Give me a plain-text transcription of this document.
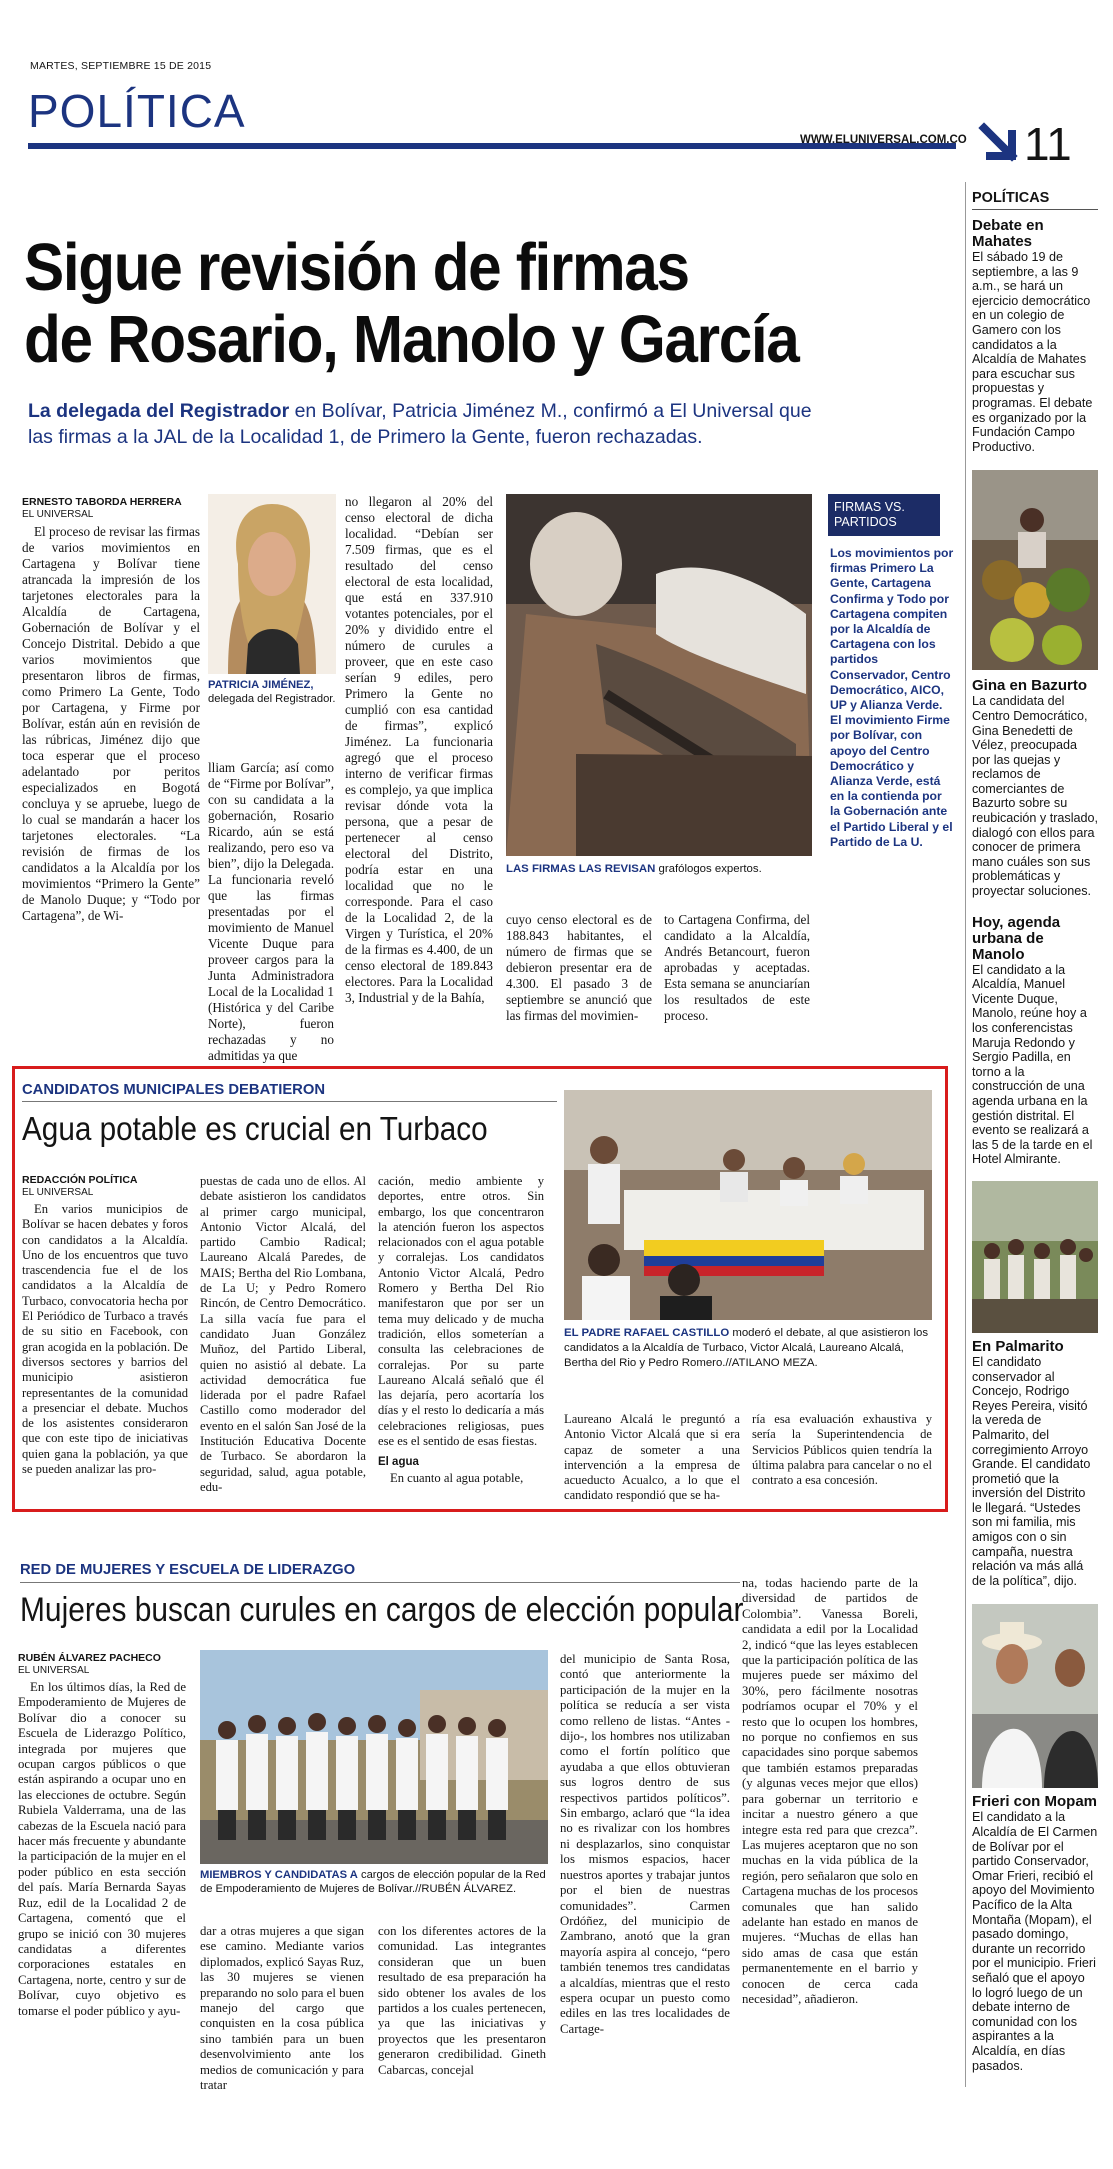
MARTES, SEPTIEMBRE 15 DE 2015
POLÍTICA
WWW.ELUNIVERSAL.COM.CO 11
Sigue revisión de firmas
de Rosario, Manolo y García
La delegada del Registrador en Bolívar, Patricia Jiménez M., confirmó a El Universal que
las firmas a la JAL de la Localidad 1, de Primero la Gente, fueron rechazadas.
ERNESTO TABORDA HERRERA
EL UNIVERSAL

El proceso de revisar las firmas de varios movimientos en Cartagena y Bolívar tiene atrancada la impresión de los tarjetones electorales para la Alcaldía de Cartagena, Gobernación de Bolívar y el Concejo Distrital. Debido a que varios movimientos que presentaron libros de firmas, como Primero La Gente, Todo por Cartagena, y Firme por Bolívar, están aún en revisión de las rúbricas, Jiménez dijo que toca esperar que el proceso adelantado por peritos especializados en Bogotá concluya y se apruebe, luego de lo cual se mandarán a hacer los tarjetones electorales. “La revisión de firmas de los candidatos a la Alcaldía por los movimientos “Primero la Gente” de Manolo Duque; y “Todo por Cartagena”, de Wi-

PATRICIA JIMÉNEZ, delegada del Registrador.

lliam García; así como de “Firme por Bolívar”, con su candidata a la gobernación, Rosario Ricardo, aún se está realizando, pero eso va bien”, dijo la Delegada. La funcionaria reveló que las firmas presentadas por el movimiento de Manuel Vicente Duque para proveer cargos para la Junta Administradora Local de la Localidad 1 (Histórica y del Caribe Norte), fueron rechazadas y no admitidas ya que

no llegaron al 20% del censo electoral de dicha localidad. “Debían ser 7.509 firmas, que es el resultado del censo electoral de esta localidad, que está en 337.910 votantes potenciales, por el 20% y dividido entre el número de curules a proveer, que en este caso serían 9 ediles, pero Primero la Gente no cumplió con esa cantidad de firmas”, explicó Jiménez. La funcionaria agregó que el proceso interno de verificar firmas es complejo, ya que implica revisar dónde vota la persona, que a pesar de pertenecer al censo electoral del Distrito, podría estar en una localidad que no le corresponde. Para el caso de la Localidad 2, de la Virgen y Turística, el 20% de la firmas es 4.400, de un censo electoral de 189.843 electores. Para la Localidad 3, Industrial y de la Bahía,

LAS FIRMAS LAS REVISAN grafólogos expertos.

cuyo censo electoral es de 188.843 habitantes, el número de firmas que se debieron presentar era de 4.300. El pasado 3 de septiembre se anunció que las firmas del movimien-

to Cartagena Confirma, del candidato a la Alcaldía, Andrés Betancourt, fueron aprobadas y aceptadas. Esta semana se anunciarían los resultados de este proceso.

FIRMAS VS.
PARTIDOS
Los movimientos por firmas Primero La Gente, Cartagena Confirma y Todo por Cartagena compiten por la Alcaldía de Cartagena con los partidos Conservador, Centro Democrático, AICO, UP y Alianza Verde. El movimiento Firme por Bolívar, con apoyo del Centro Democrático y Alianza Verde, está en la contienda por la Gobernación ante el Partido Liberal y el Partido de La U.
CANDIDATOS MUNICIPALES DEBATIERON
Agua potable es crucial en Turbaco
REDACCIÓN POLÍTICA
EL UNIVERSAL

En varios municipios de Bolívar se hacen debates y foros con candidatos a la Alcaldía. Uno de los encuentros que tuvo trascendencia fue el de los candidatos a la Alcaldía de Turbaco, convocatoria hecha por El Periódico de Turbaco a través de su sitio en Facebook, con gran acogida en la población. De diversos sectores y barrios del municipio asistieron representantes de la comunidad a presenciar el debate. Muchos de los asistentes consideraron que con este tipo de iniciativas quien gana la población, ya que se pueden analizar las pro-

puestas de cada uno de ellos. Al debate asistieron los candidatos al primer cargo municipal, Antonio Victor Alcalá, del partido Cambio Radical; Laureano Alcalá Paredes, de MAIS; Bertha del Rio Lombana, de La U; y Pedro Romero Rincón, de Centro Democrático. La silla vacía fue para el candidato Juan González Muñoz, del Partido Liberal, quien no asistió al debate. La actividad democrática fue liderada por el padre Rafael Castillo como moderador del evento en el salón San José de la Institución Educativa Docente de Turbaco. Se abordaron la seguridad, salud, agua potable, edu-

cación, medio ambiente y deportes, entre otros. Sin embargo, los que concentraron la atención fueron los aspectos relacionados con el agua potable y corralejas. Los candidatos Antonio Victor Alcalá, Pedro Romero y Bertha Del Rio manifestaron que por ser un tema muy delicado y de mucha tradición, ellos someterían a consulta las celebraciones de corralejas. Por su parte Laureano Alcalá señaló que él las dejaría, pero acortaría los días y el resto lo dedicaría a más celebraciones religiosas, pues ese es el sentido de esas fiestas.

El agua

En cuanto al agua potable,

EL PADRE RAFAEL CASTILLO moderó el debate, al que asistieron los candidatos a la Alcaldía de Turbaco, Victor Alcalá, Laureano Alcalá, Bertha del Rio y Pedro Romero.//ATILANO MEZA.

Laureano Alcalá le preguntó a Antonio Victor Alcalá que si era capaz de someter a una intervención a la empresa de acueducto Acualco, a lo que el candidato respondió que se ha-

ría esa evaluación exhaustiva y sería la Superintendencia de Servicios Públicos quien tendría la última palabra para cancelar o no el contrato a esa concesión.

RED DE MUJERES Y ESCUELA DE LIDERAZGO
Mujeres buscan curules en cargos de elección popular
RUBÉN ÁLVAREZ PACHECO
EL UNIVERSAL

En los últimos días, la Red de Empoderamiento de Mujeres de Bolívar dio a conocer su Escuela de Liderazgo Político, integrada por mujeres que ocupan cargos públicos o que están aspirando a ocupar uno en las elecciones de octubre. Según Rubiela Valderrama, una de las cabezas de la Escuela nació para hacer más frecuente y abundante la participación de la mujer en el poder público en esta sección del país. María Bernarda Sayas Ruz, edil de la Localidad 2 de Cartagena, comentó que el grupo se inició con 30 mujeres candidatas a diferentes corporaciones estatales en Cartagena, norte, centro y sur de Bolívar, cuyo objetivo es tomarse el poder público y ayu-

MIEMBROS Y CANDIDATAS A cargos de elección popular de la Red de Empoderamiento de Mujeres de Bolívar.//RUBÉN ÁLVAREZ.

dar a otras mujeres a que sigan ese camino. Mediante varios diplomados, explicó Sayas Ruz, las 30 mujeres se vienen preparando no solo para el buen manejo del cargo que conquisten en la cosa pública sino también para un buen desenvolvimiento ante los medios de comunicación y para tratar

con los diferentes actores de la comunidad. Las integrantes consideran que un buen resultado de esa preparación ha sido obtener los avales de los partidos a los cuales pertenecen, ya que las iniciativas y proyectos que les presentaron generaron credibilidad. Gineth Cabarcas, concejal

del municipio de Santa Rosa, contó que anteriormente la participación de la mujer en la política se reducía a ser vista como relleno de listas. “Antes -dijo-, los hombres nos utilizaban como el fortín político que ayudaba a que ellos obtuvieran sus logros dentro de sus respectivos partidos políticos”. Sin embargo, aclaró que “la idea no es rivalizar con los hombres ni desplazarlos, sino conquistar los mismos espacios, hacer nuestros aportes y trabajar juntos por el bien de nuestras comunidades”. Carmen Ordóñez, del municipio de Zambrano, anotó que la gran mayoría aspira al concejo, “pero también tenemos tres candidatas a alcaldías, mientras que el resto espera ocupar un puesto como ediles en las tres localidades de Cartage-

na, todas haciendo parte de la diversidad de partidos de Colombia”. Vanessa Boreli, candidata a edil por la Localidad 2, indicó “que las leyes establecen que la participación política de las mujeres puede ser máximo del 30%, pero fácilmente nosotras podríamos ocupar el 70% y el resto que lo ocupen los hombres, no porque no confiemos en sus capacidades sino porque sabemos que también estamos preparadas (y algunas veces mejor que ellos) para gobernar un territorio e incitar a nuestro género a que integre esta red para que crezca”. Las mujeres aceptaron que no son muchas en la vida pública de la región, pero señalaron que solo en Cartagena muchas de los procesos comunales que han salido adelante han estado en manos de mujeres. “Muchas de ellas han sido amas de casa que están permanentemente en el barrio y conocen de cerca cada necesidad”, añadieron.

POLÍTICAS
Debate en Mahates
El sábado 19 de septiembre, a las 9 a.m., se hará un ejercicio democrático en un colegio de Gamero con los candidatos a la Alcaldía de Mahates para escuchar sus propuestas y programas. El debate es organizado por la Fundación Campo Productivo.
Gina en Bazurto
La candidata del Centro Democrático, Gina Benedetti de Vélez, preocupada por las quejas y reclamos de comerciantes de Bazurto sobre su reubicación y traslado, dialogó con ellos para conocer de primera mano cuáles son sus problemáticas y proyectar soluciones.
Hoy, agenda urbana de Manolo
El candidato a la Alcaldía, Manuel Vicente Duque, Manolo, reúne hoy a los conferencistas Maruja Redondo y Sergio Padilla, en torno a la construcción de una agenda urbana en la gestión distrital. El evento se realizará a las 5 de la tarde en el Hotel Almirante.
En Palmarito
El candidato conservador al Concejo, Rodrigo Reyes Pereira, visitó la vereda de Palmarito, del corregimiento Arroyo Grande. El candidato prometió que la inversión del Distrito le llegará. “Ustedes son mi familia, mis amigos con o sin campaña, nuestra relación va más allá de la política”, dijo.
Frieri con Mopam
El candidato a la Alcaldía de El Carmen de Bolívar por el partido Conservador, Omar Frieri, recibió el apoyo del Movimiento Pacífico de la Alta Montaña (Mopam), el pasado domingo, durante un recorrido por el municipio. Frieri señaló que el apoyo lo logró luego de un debate interno de comunidad con los aspirantes a la Alcaldía, en días pasados.
